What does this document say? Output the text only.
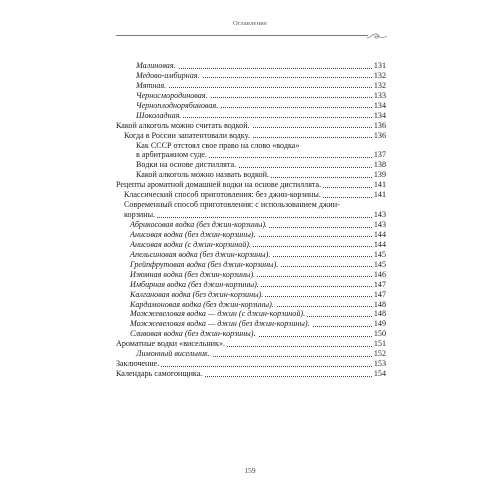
Оглавление
Малиновая.	131
Медово-имбирная.	132
Мятная.	132
Черносмородиновая.	133
Черноплоднорябиновая.	134
Шоколадная.	134
Какой алкоголь можно считать водкой.	136
Когда в России запатентовали водку.	136
Как СССР отстоял свое право на слово «водка»
в арбитражном суде.	137
Водки на основе дистиллята.	138
Какой алкоголь можно назвать водкой.	139
Рецепты ароматной домашней водки на основе дистиллята.	141
Классический способ приготовления: без джин-корзины.	141
Современный способ приготовления: с использованием джин-
корзины.	143
Абрикосовая водка (без джин-корзины).	143
Анисовая водка (без джин-корзины).	144
Анисовая водка (с джин-корзиной).	144
Апельсиновая водка (без джин-корзины).	145
Грейпфрутовая водка (без джин-корзины).	145
Изюмная водка (без джин-корзины).	146
Имбирная водка (без джин-корзины).	147
Калгановая водка (без джин-корзины).	147
Кардамоновая водка (без джин-корзины).	148
Можжевеловая водка — джин (с джин-корзиной).	148
Можжевеловая водка — джин (без джин-корзины).	149
Сливовая водка (без джин-корзины).	150
Ароматные водки «висельник».	151
Лимонный висельник.	152
Заключение.	153
Календарь самогонщика.	154
159
